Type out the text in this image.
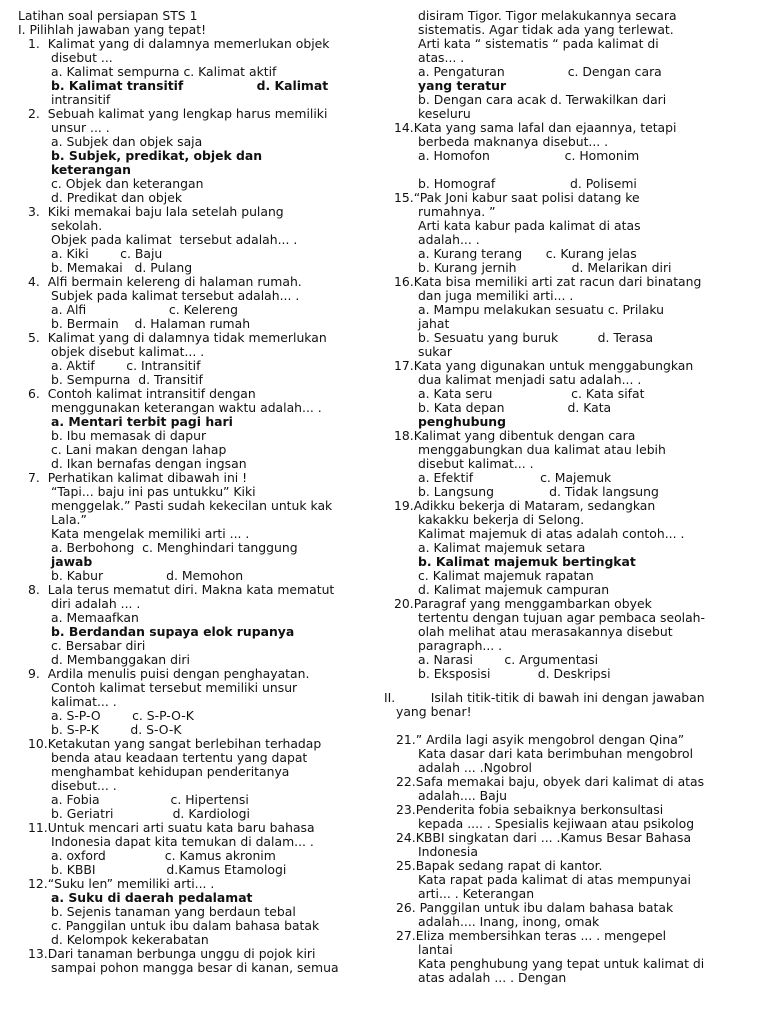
Latihan soal persiapan STS 1
I. Pilihlah jawaban yang tepat!
1.  Kalimat yang di dalamnya memerlukan objek
disebut ...
a. Kalimat sempurna c. Kalimat aktif
b. Kalimat transitif                 d. Kalimat
intransitif
2.  Sebuah kalimat yang lengkap harus memiliki
unsur ... .
a. Subjek dan objek saja
b. Subjek, predikat, objek dan
keterangan
c. Objek dan keterangan
d. Predikat dan objek
3.  Kiki memakai baju lala setelah pulang
sekolah.
Objek pada kalimat  tersebut adalah... .
a. Kiki        c. Baju
b. Memakai   d. Pulang
4.  Alfi bermain kelereng di halaman rumah.
Subjek pada kalimat tersebut adalah... .
a. Alfi                     c. Kelereng
b. Bermain    d. Halaman rumah
5.  Kalimat yang di dalamnya tidak memerlukan
objek disebut kalimat... .
a. Aktif        c. Intransitif
b. Sempurna  d. Transitif
6.  Contoh kalimat intransitif dengan
menggunakan keterangan waktu adalah... .
a. Mentari terbit pagi hari
b. Ibu memasak di dapur
c. Lani makan dengan lahap
d. Ikan bernafas dengan ingsan
7.  Perhatikan kalimat dibawah ini !
“Tapi... baju ini pas untukku” Kiki
menggelak.” Pasti sudah kekecilan untuk kak
Lala.”
Kata mengelak memiliki arti ... .
a. Berbohong  c. Menghindari tanggung
jawab
b. Kabur                d. Memohon
8.  Lala terus mematut diri. Makna kata mematut
diri adalah ... .
a. Memaafkan
b. Berdandan supaya elok rupanya
c. Bersabar diri
d. Membanggakan diri
9.  Ardila menulis puisi dengan penghayatan.
Contoh kalimat tersebut memiliki unsur
kalimat... .
a. S-P-O        c. S-P-O-K
b. S-P-K        d. S-O-K
10.Ketakutan yang sangat berlebihan terhadap
benda atau keadaan tertentu yang dapat
menghambat kehidupan penderitanya
disebut... .
a. Fobia                  c. Hipertensi
b. Geriatri               d. Kardiologi
11.Untuk mencari arti suatu kata baru bahasa
Indonesia dapat kita temukan di dalam... .
a. oxford               c. Kamus akronim
b. KBBI                  d.Kamus Etamologi
12.“Suku len” memiliki arti... .
a. Suku di daerah pedalamat
b. Sejenis tanaman yang berdaun tebal
c. Panggilan untuk ibu dalam bahasa batak
d. Kelompok kekerabatan
13.Dari tanaman berbunga unggu di pojok kiri
sampai pohon mangga besar di kanan, semua
disiram Tigor. Tigor melakukannya secara
sistematis. Agar tidak ada yang terlewat.
Arti kata “ sistematis “ pada kalimat di
atas... .
a. Pengaturan                c. Dengan cara
yang teratur
b. Dengan cara acak d. Terwakilkan dari
keseluru
14.Kata yang sama lafal dan ejaannya, tetapi
berbeda maknanya disebut... .
a. Homofon                   c. Homonim
b. Homograf                   d. Polisemi
15.“Pak Joni kabur saat polisi datang ke
rumahnya. ”
Arti kata kabur pada kalimat di atas
adalah... .
a. Kurang terang      c. Kurang jelas
b. Kurang jernih              d. Melarikan diri
16.Kata bisa memiliki arti zat racun dari binatang
dan juga memiliki arti... .
a. Mampu melakukan sesuatu c. Prilaku
jahat
b. Sesuatu yang buruk          d. Terasa
sukar
17.Kata yang digunakan untuk menggabungkan
dua kalimat menjadi satu adalah... .
a. Kata seru                    c. Kata sifat
b. Kata depan                d. Kata
penghubung
18.Kalimat yang dibentuk dengan cara
menggabungkan dua kalimat atau lebih
disebut kalimat... .
a. Efektif                 c. Majemuk
b. Langsung              d. Tidak langsung
19.Adikku bekerja di Mataram, sedangkan
kakakku bekerja di Selong.
Kalimat majemuk di atas adalah contoh... .
a. Kalimat majemuk setara
b. Kalimat majemuk bertingkat
c. Kalimat majemuk rapatan
d. Kalimat majemuk campuran
20.Paragraf yang menggambarkan obyek
tertentu dengan tujuan agar pembaca seolah-
olah melihat atau merasakannya disebut
paragraph... .
a. Narasi        c. Argumentasi
b. Eksposisi            d. Deskripsi
II.         Isilah titik-titik di bawah ini dengan jawaban
yang benar!
21.” Ardila lagi asyik mengobrol dengan Qina”
Kata dasar dari kata berimbuhan mengobrol
adalah ... .Ngobrol
22.Safa memakai baju, obyek dari kalimat di atas
adalah.... Baju
23.Penderita fobia sebaiknya berkonsultasi
kepada .... . Spesialis kejiwaan atau psikolog
24.KBBI singkatan dari ... .Kamus Besar Bahasa
Indonesia
25.Bapak sedang rapat di kantor.
Kata rapat pada kalimat di atas mempunyai
arti... . Keterangan
26. Panggilan untuk ibu dalam bahasa batak
adalah.... Inang, inong, omak
27.Eliza membersihkan teras ... . mengepel
lantai
Kata penghubung yang tepat untuk kalimat di
atas adalah ... . Dengan
